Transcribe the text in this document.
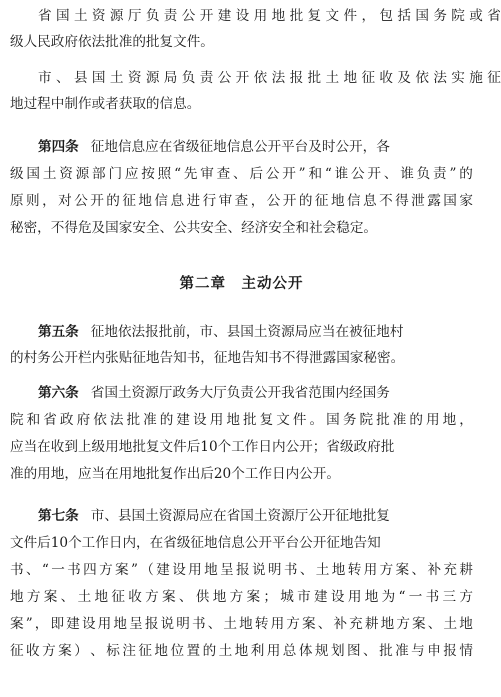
省 国 土 资 源 厅 负 责 公 开 建 设 用 地 批 复 文 件 ， 包 括 国 务 院 或 省
级人民政府依法批准的批复文件。
市 、 县 国 土 资 源 局 负 责 公 开 依 法 报 批 土 地 征 收 及 依 法 实 施 征
地过程中制作或者获取的信息。
第四条 征地信息应在省级征地信息公开平台及时公开，各
级 国 土 资 源 部 门 应 按 照 “ 先 审 查 、 后 公 开 ” 和 “ 谁 公 开 、 谁 负 责 ” 的
原 则 ， 对 公 开 的 征 地 信 息 进 行 审 查 ， 公 开 的 征 地 信 息 不 得 泄 露 国 家
秘密，不得危及国家安全、公共安全、经济安全和社会稳定。
第二章　主动公开
第五条 征地依法报批前，市、县国土资源局应当在被征地村
的村务公开栏内张贴征地告知书，征地告知书不得泄露国家秘密。
第六条 省国土资源厅政务大厅负责公开我省范围内经国务
院 和 省 政 府 依 法 批 准 的 建 设 用 地 批 复 文 件 。 国 务 院 批 准 的 用 地 ，
应当在收到上级用地批复文件后10个工作日内公开；省级政府批
准的用地，应当在用地批复作出后20个工作日内公开。
第七条 市、县国土资源局应在省国土资源厅公开征地批复
文件后10个工作日内，在省级征地信息公开平台公开征地告知
书 、 “ 一 书 四 方 案 ” （ 建 设 用 地 呈 报 说 明 书 、 土 地 转 用 方 案 、 补 充 耕
地 方 案 、 土 地 征 收 方 案 、 供 地 方 案 ； 城 市 建 设 用 地 为 “ 一 书 三 方
案 ” ， 即 建 设 用 地 呈 报 说 明 书 、 土 地 转 用 方 案 、 补 充 耕 地 方 案 、 土 地
征 收 方 案 ） 、 标 注 征 地 位 置 的 土 地 利 用 总 体 规 划 图 、 批 准 与 申 报 情
